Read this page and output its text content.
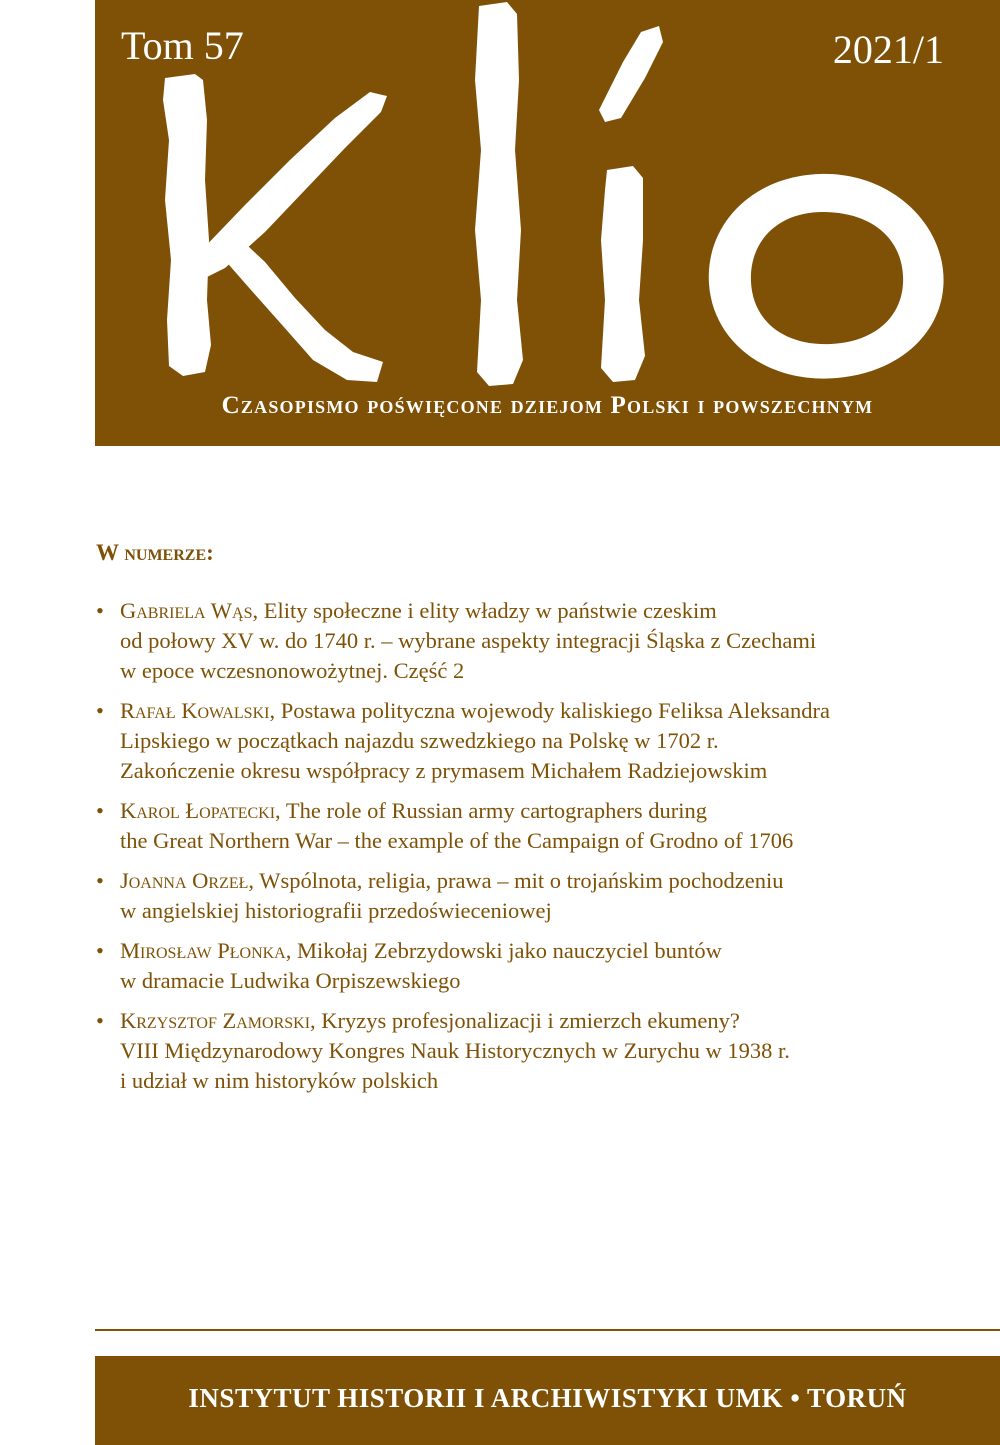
Tom 57	2021/1
Czasopismo poświęcone dziejom Polski i powszechnym
W numerze:
• Gabriela Wąs, Elity społeczne i elity władzy w państwie czeskim
od połowy XV w. do 1740 r. – wybrane aspekty integracji Śląska z Czechami
w epoce wczesnonowożytnej. Część 2
• Rafał Kowalski, Postawa polityczna wojewody kaliskiego Feliksa Aleksandra
Lipskiego w początkach najazdu szwedzkiego na Polskę w 1702 r.
Zakończenie okresu współpracy z prymasem Michałem Radziejowskim
• Karol Łopatecki, The role of Russian army cartographers during
the Great Northern War – the example of the Campaign of Grodno of 1706
• Joanna Orzeł, Wspólnota, religia, prawa – mit o trojańskim pochodzeniu
w angielskiej historiografii przedoświeceniowej
• Mirosław Płonka, Mikołaj Zebrzydowski jako nauczyciel buntów
w dramacie Ludwika Orpiszewskiego
• Krzysztof Zamorski, Kryzys profesjonalizacji i zmierzch ekumeny?
VIII Międzynarodowy Kongres Nauk Historycznych w Zurychu w 1938 r.
i udział w nim historyków polskich
INSTYTUT HISTORII I ARCHIWISTYKI UMK • TORUŃ
